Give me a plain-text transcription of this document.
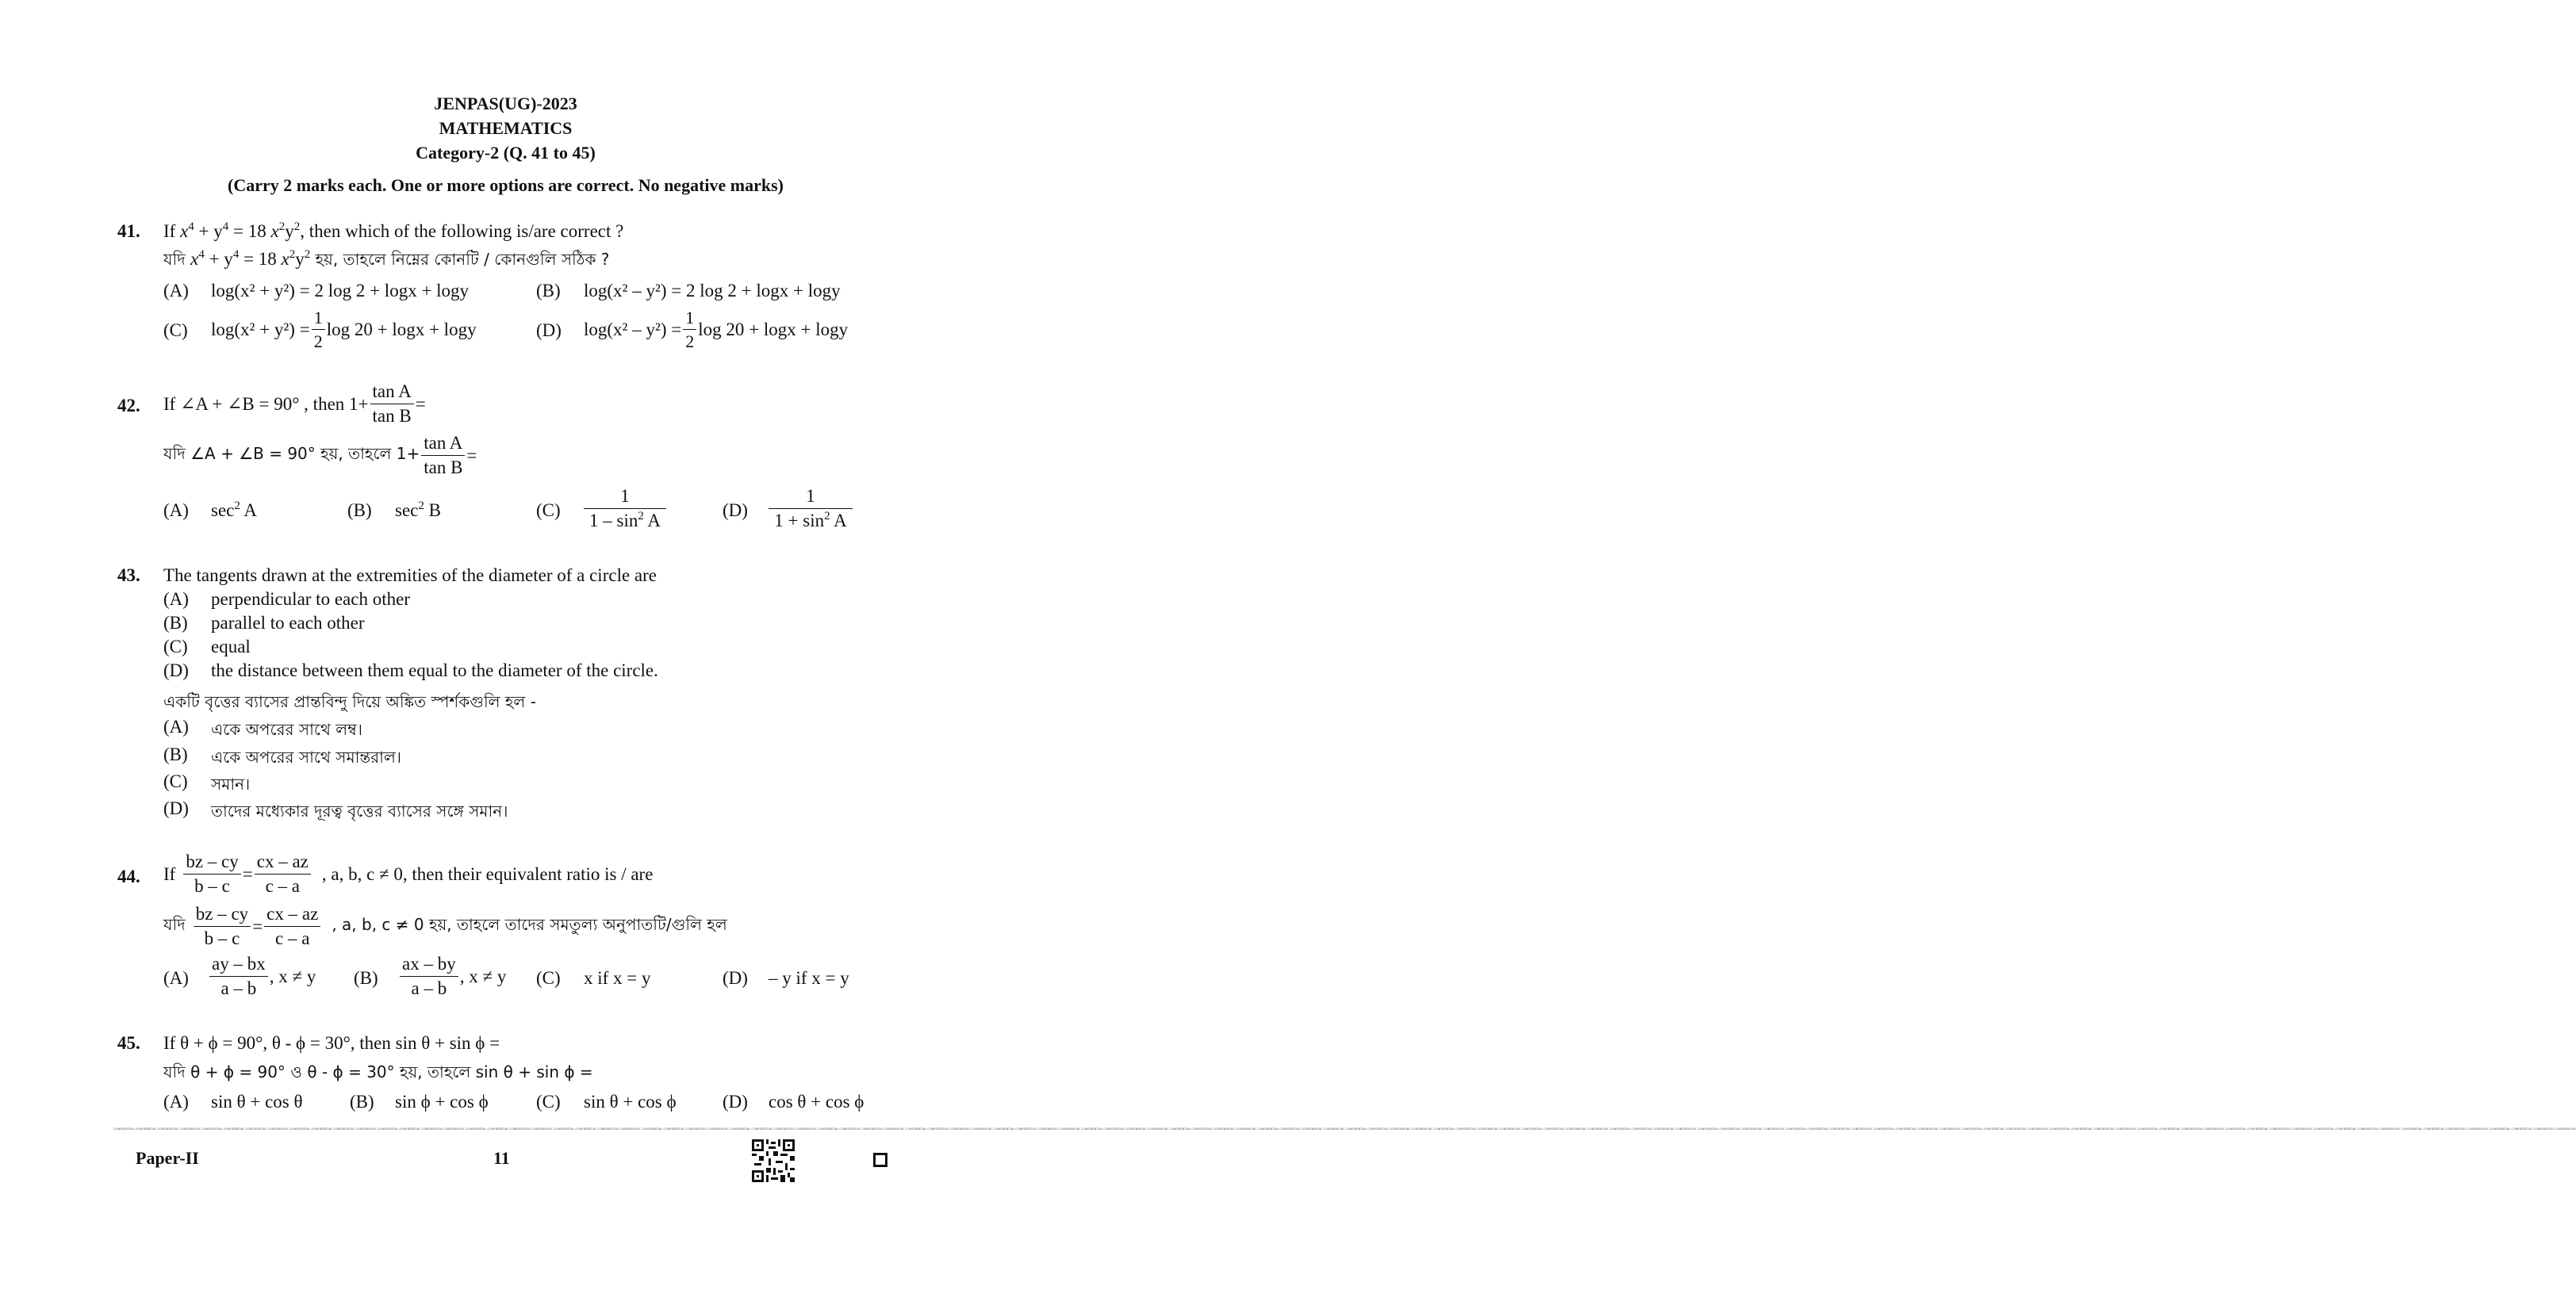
JENPAS(UG)-2023
MATHEMATICS
Category-2 (Q. 41 to 45)
(Carry 2 marks each. One or more options are correct. No negative marks)
41. If $x^4 + y^4 = 18$ $x^2y^2$, then which of the following is/are correct ?
যদি $x^4 + y^4 = 18$ $x^2y^2$ হয়, তাহলে নিম্নের কোনটি / কোনগুলি সঠিক ?
(A) log(x² + y²) = 2 log 2 + logx + logy	(B) log(x² – y²) = 2 log 2 + logx + logy
(C) $\log(x^2 + y^2) = \frac{1}{2}$ log 20 + logx + logy	(D) $\log(x^2 - y^2) = \frac{1}{2}$ log 20 + logx + logy
42. If ∠A + ∠B = 90° , then $1+ \frac{\text{tan A}}{\text{tan B}}$ =
যদি ∠A + ∠B = 90° হয়, তাহলে $1+ \frac{\text{tan A}}{\text{tan B}}$ =
(A) $\sec^2 A$	(B) $\sec^2 B$	$(C) \frac{1}{1 - \sin^2 A}$	$(D) \frac{1}{1 + \sin^2 A}$
43. The tangents drawn at the extremities of the diameter of a circle are
একটি বৃত্তের ব্যাসের প্রান্তবিন্দু দিয়ে অঙ্কিত স্পর্শকগুলি হল -
44. If $\frac{bz - cy}{b - c} = \frac{cx - az}{c - a}$ , a, b, c ≠ 0, then their equivalent ratio is / are
যদি $\frac{bz - cy}{b - c} = \frac{cx - az}{c - a}$ , a, b, c ≠ 0 হয়, তাহলে তাদের সমতুল্য অনুপাতটি/গুলি হল
$(A) \frac{ay - bx}{a - b}$ , x ≠ y $(B) \frac{ax - by}{a - b}$ , x ≠ y (C) x if x = y	(D) – y if x = y
45. If θ + ϕ = 90°, θ - ϕ = 30°, then sin θ + sin ϕ =
যদি θ + ϕ = 90° ও θ - ϕ = 30° হয়, তাহলে sin θ + sin ϕ =
(A) sin θ + cos θ	(B) sin ϕ + cos ϕ	(C) sin θ + cos ϕ	(D) cos θ + cos ϕ
CONFIDENTIAL CONFIDENTIAL CONFIDENTIAL CONFIDENTIAL CONFIDENTIAL CONFIDENTIAL CONFIDENTIAL CONFIDENTIAL CONFIDENTIAL CONFIDENTIAL CONFIDENTIAL CONFIDENTIAL CONFIDENTIAL CONFIDENTIAL CONFIDENTIAL CONFIDENTIAL CONFIDENTIAL CONFIDENTIAL CONFIDENTIAL CONFIDENTIAL CONFIDENTIAL CONFIDENTIAL CONFIDENTIAL CONFIDENTIAL CONFIDENTIAL CONFIDENTIAL CONFIDENTIAL CONFIDENTIAL CONFIDENTIAL CONFIDENTIAL CONFIDENTIAL CONFIDENTIAL CONFIDENTIAL CONFIDENTIAL CONFIDENTIAL CONFIDENTIAL CONFIDENTIAL CONFIDENTIAL CONFIDENTIAL CONFIDENTIAL CONFIDENTIAL CONFIDENTIAL CONFIDENTIAL CONFIDENTIAL CONFIDENTIAL CONFIDENTIAL CONFIDENTIAL CONFIDENTIAL CONFIDENTIAL CONFIDENTIAL CONFIDENTIAL CONFIDENTIAL CONFIDENTIAL CONFIDENTIAL CONFIDENTIAL CONFIDENTIAL CONFIDENTIAL CONFIDENTIAL CONFIDENTIAL CONFIDENTIAL CONFIDENTIAL CONFIDENTIAL CONFIDENTIAL CONFIDENTIAL CONFIDENTIAL CONFIDENTIAL CONFIDENTIAL CONFIDENTIAL CONFIDENTIAL CONFIDENTIAL CONFIDENTIAL CONFIDENTIAL CONFIDENTIAL CONFIDENTIAL CONFIDENTIAL CONFIDENTIAL CONFIDENTIAL CONFIDENTIAL CONFIDENTIAL CONFIDENTIAL CONFIDENTIAL CONFIDENTIAL CONFIDENTIAL CONFIDENTIAL CONFIDENTIAL CONFIDENTIAL CONFIDENTIAL CONFIDENTIAL CONFIDENTIAL CONFIDENTIAL CONFIDENTIAL CONFIDENTIAL CONFIDENTIAL CONFIDENTIAL CONFIDENTIAL CONFIDENTIAL CONFIDENTIAL CONFIDENTIAL CONFIDENTIAL CONFIDENTIAL CONFIDENTIAL CONFIDENTIAL CONFIDENTIAL CONFIDENTIAL CONFIDENTIAL CONFIDENTIAL CONFIDENTIAL CONFIDENTIAL CONFIDENTIAL CONFIDENTIAL CONFIDENTIAL CONFIDENTIAL
Paper-II	11
(A) perpendicular to each other
(B) parallel to each other
(C) equal
(D) the distance between them equal to the diameter of the circle.
(A) একে অপরের সাথে লম্ব।
(B) একে অপরের সাথে সমান্তরাল।
(C) সমান।
(D) তাদের মধ্যেকার দূরত্ব বৃত্তের ব্যাসের সঙ্গে সমান।
